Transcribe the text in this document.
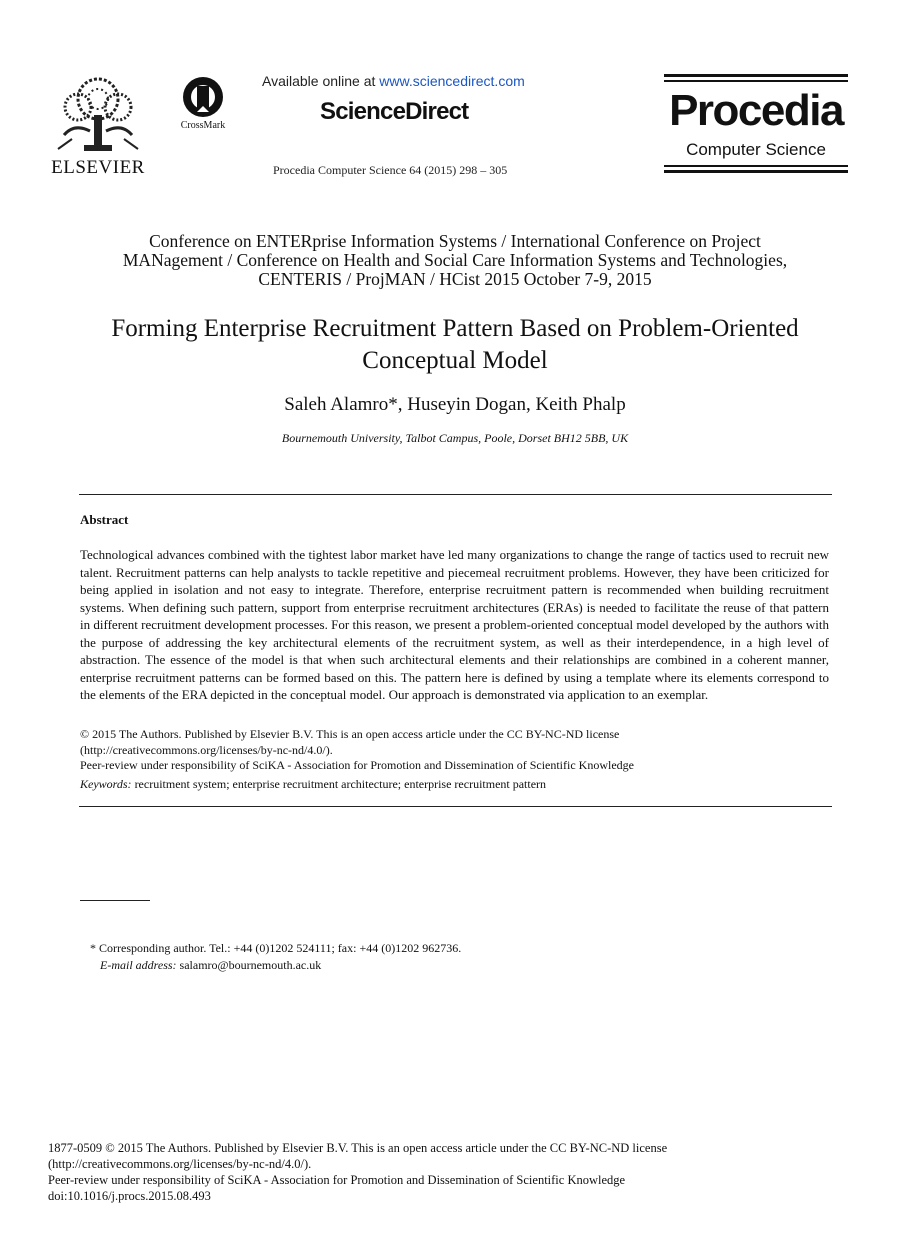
ELSEVIER
CrossMark
Available online at www.sciencedirect.com
ScienceDirect
Procedia Computer Science 64 (2015) 298 – 305
Procedia
Computer Science
Conference on ENTERprise Information Systems / International Conference on Project
MANagement / Conference on Health and Social Care Information Systems and Technologies,
CENTERIS / ProjMAN / HCist 2015 October 7-9, 2015
Forming Enterprise Recruitment Pattern Based on Problem-Oriented
Conceptual Model
Saleh Alamro*, Huseyin Dogan, Keith Phalp
Bournemouth University, Talbot Campus, Poole, Dorset BH12 5BB, UK
Abstract
Technological advances combined with the tightest labor market have led many organizations to change the range of tactics used to recruit new talent. Recruitment patterns can help analysts to tackle repetitive and piecemeal recruitment problems. However, they have been criticized for being applied in isolation and not easy to integrate. Therefore, enterprise recruitment pattern is recommended when building recruitment systems. When defining such pattern, support from enterprise recruitment architectures (ERAs) is needed to facilitate the reuse of that pattern in different recruitment development processes. For this reason, we present a problem-oriented conceptual model developed by the authors with the purpose of addressing the key architectural elements of the recruitment system, as well as their interdependence, in a high level of abstraction. The essence of the model is that when such architectural elements and their relationships are combined in a coherent manner, enterprise recruitment patterns can be formed based on this. The pattern here is defined by using a template where its elements correspond to the elements of the ERA depicted in the conceptual model. Our approach is demonstrated via application to an exemplar.
© 2015 The Authors. Published by Elsevier B.V. This is an open access article under the CC BY-NC-ND license
(http://creativecommons.org/licenses/by-nc-nd/4.0/).
Peer-review under responsibility of SciKA - Association for Promotion and Dissemination of Scientific Knowledge
Keywords: recruitment system; enterprise recruitment architecture; enterprise recruitment pattern
* Corresponding author. Tel.: +44 (0)1202 524111; fax: +44 (0)1202 962736.
E-mail address: salamro@bournemouth.ac.uk
1877-0509 © 2015 The Authors. Published by Elsevier B.V. This is an open access article under the CC BY-NC-ND license
(http://creativecommons.org/licenses/by-nc-nd/4.0/).
Peer-review under responsibility of SciKA - Association for Promotion and Dissemination of Scientific Knowledge
doi:10.1016/j.procs.2015.08.493
